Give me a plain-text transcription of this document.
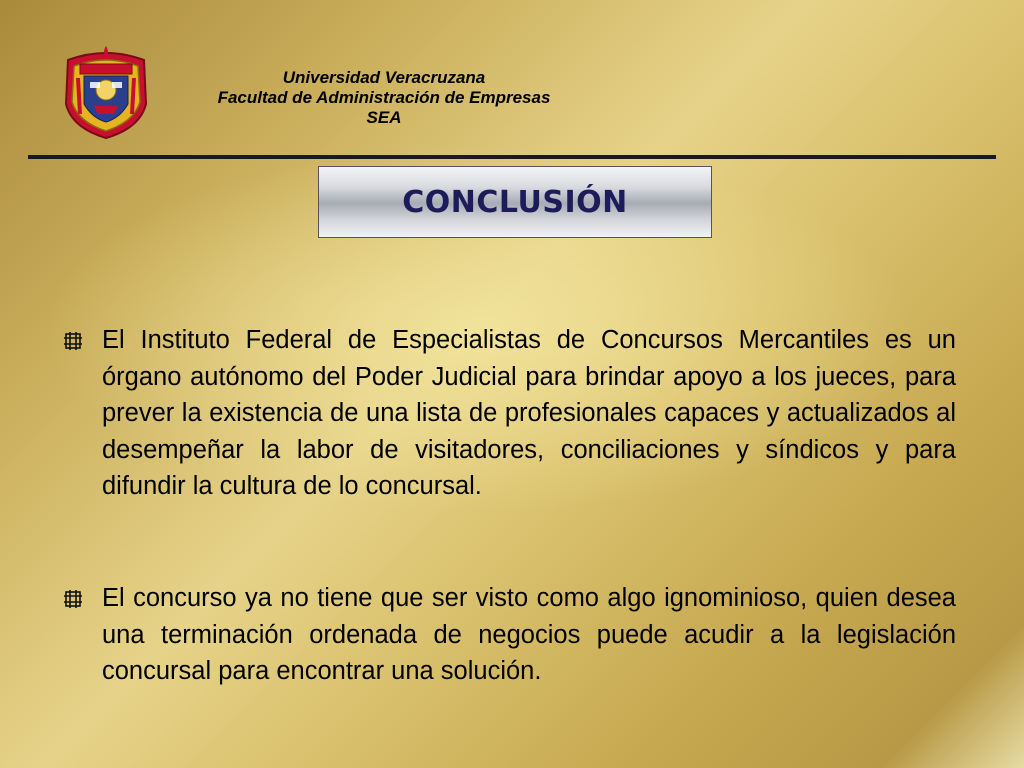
Universidad Veracruzana
Facultad de Administración de Empresas
SEA
CONCLUSIÓN
El Instituto Federal de Especialistas de Concursos Mercantiles es un órgano autónomo del Poder Judicial para brindar apoyo a los jueces, para prever la existencia de una lista de profesionales capaces y actualizados al desempeñar la labor de visitadores, conciliaciones y síndicos y para difundir la cultura de lo concursal.
El concurso ya no tiene que ser visto como algo ignominioso, quien desea una terminación ordenada de negocios puede acudir a la legislación concursal para encontrar una solución.
